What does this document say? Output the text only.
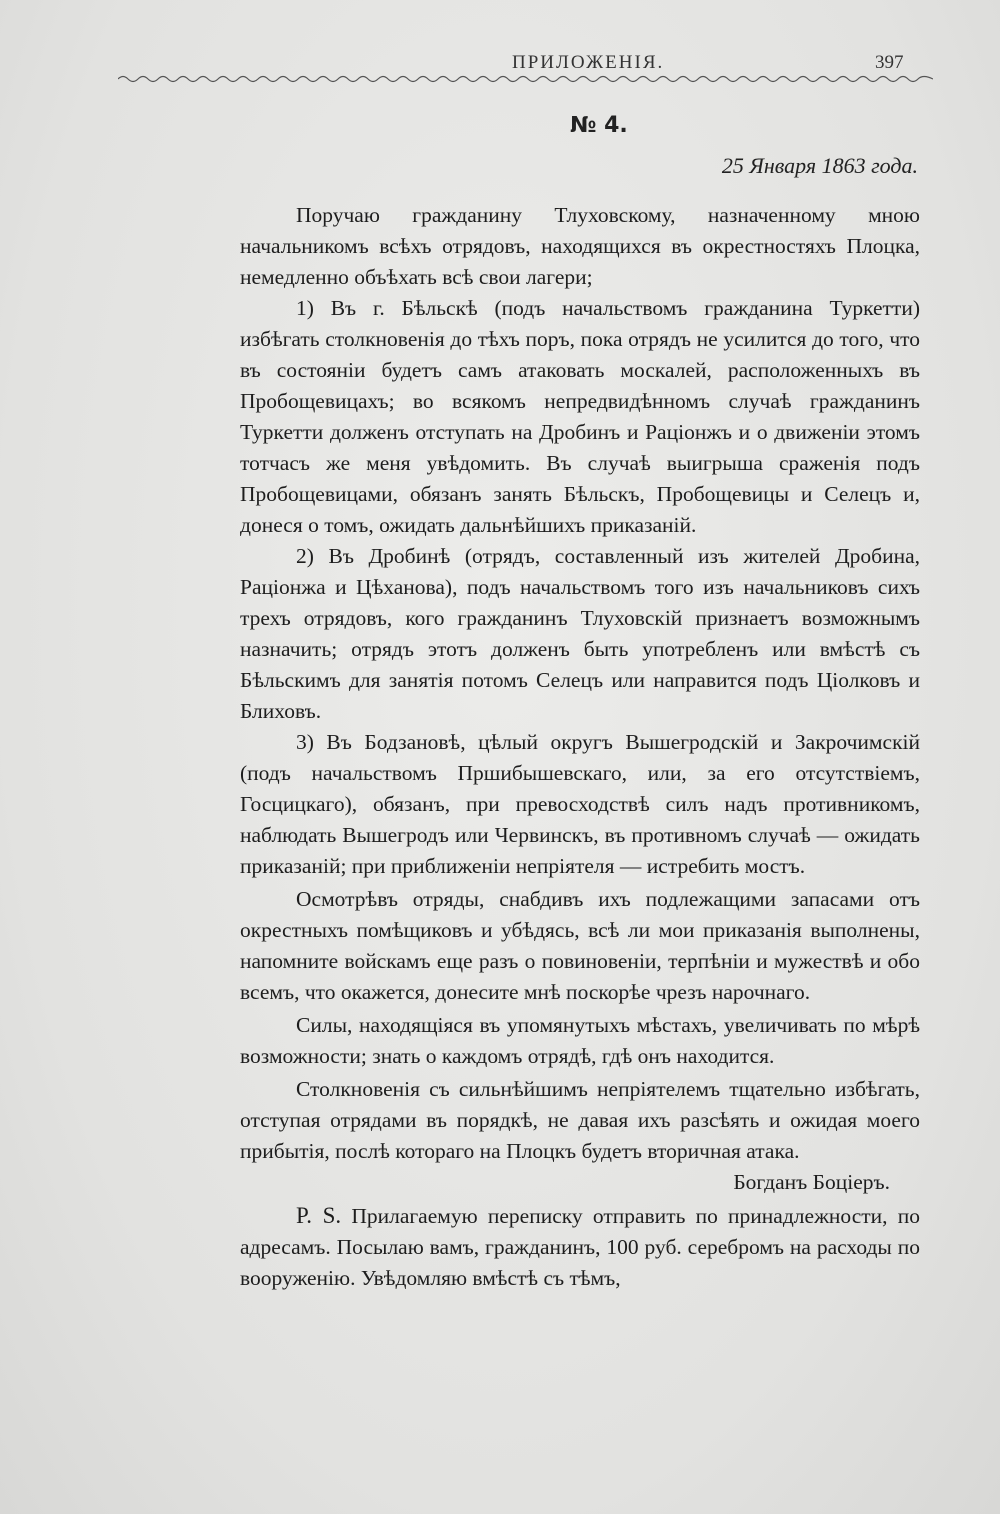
ПРИЛОЖЕНІЯ.	397
№ 4.
25 Января 1863 года.

Поручаю гражданину Тлуховскому, назначенному мною начальникомъ всѣхъ отрядовъ, находящихся въ окрестностяхъ Плоцка, немедленно объѣхать всѣ свои лагери;

1) Въ г. Бѣльскѣ (подъ начальствомъ гражданина Туркетти) избѣгать столкновенія до тѣхъ поръ, пока отрядъ не усилится до того, что въ состояніи будетъ самъ атаковать москалей, расположенныхъ въ Пробощевицахъ; во всякомъ непредвидѣнномъ случаѣ гражданинъ Туркетти долженъ отступать на Дробинъ и Раціонжъ и о движеніи этомъ тотчасъ же меня увѣдомить. Въ случаѣ выигрыша сраженія подъ Пробощевицами, обязанъ занять Бѣльскъ, Пробощевицы и Селецъ и, донеся о томъ, ожидать дальнѣйшихъ приказаній.

2) Въ Дробинѣ (отрядъ, составленный изъ жителей Дробина, Раціонжа и Цѣханова), подъ начальствомъ того изъ начальниковъ сихъ трехъ отрядовъ, кого гражданинъ Тлуховскій признаетъ возможнымъ назначить; отрядъ этотъ долженъ быть употребленъ или вмѣстѣ съ Бѣльскимъ для занятія потомъ Селецъ или направится подъ Ціолковъ и Блиховъ.

3) Въ Бодзановѣ, цѣлый округъ Вышегродскій и Закрочимскій (подъ начальствомъ Пршибышевскаго, или, за его отсутствіемъ, Госцицкаго), обязанъ, при превосходствѣ силъ надъ противникомъ, наблюдать Вышегродъ или Червинскъ, въ противномъ случаѣ — ожидать приказаній; при приближеніи непріятеля — истребить мостъ.

Осмотрѣвъ отряды, снабдивъ ихъ подлежащими запасами отъ окрестныхъ помѣщиковъ и убѣдясь, всѣ ли мои приказанія выполнены, напомните войскамъ еще разъ о повиновеніи, терпѣніи и мужествѣ и обо всемъ, что окажется, донесите мнѣ поскорѣе чрезъ нарочнаго.

Силы, находящіяся въ упомянутыхъ мѣстахъ, увеличивать по мѣрѣ возможности; знать о каждомъ отрядѣ, гдѣ онъ находится.

Столкновенія съ сильнѣйшимъ непріятелемъ тщательно избѣгать, отступая отрядами въ порядкѣ, не давая ихъ разсѣять и ожидая моего прибытія, послѣ котораго на Плоцкъ будетъ вторичная атака.

Богданъ Боціеръ.

P. S. Прилагаемую переписку отправить по принадлежности, по адресамъ. Посылаю вамъ, гражданинъ, 100 руб. серебромъ на расходы по вооруженію. Увѣдомляю вмѣстѣ съ тѣмъ,
